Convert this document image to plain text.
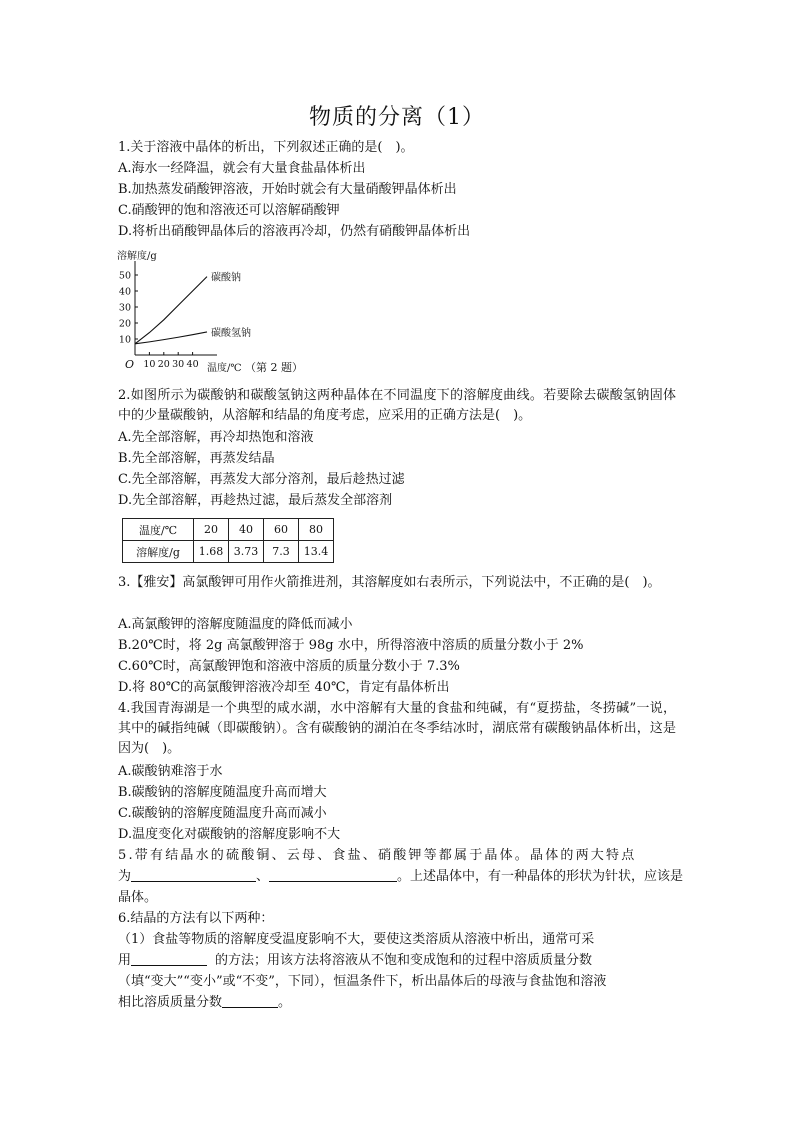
物质的分离（1）
1.关于溶液中晶体的析出，下列叙述正确的是(　)。
A.海水一经降温，就会有大量食盐晶体析出
B.加热蒸发硝酸钾溶液，开始时就会有大量硝酸钾晶体析出
C.硝酸钾的饱和溶液还可以溶解硝酸钾
D.将析出硝酸钾晶体后的溶液再冷却，仍然有硝酸钾晶体析出
溶解度/g
50
40
30
20
10
10 20 30 40
碳酸钠
碳酸氢钠
O	温度/℃ （第 2 题）
2.如图所示为碳酸钠和碳酸氢钠这两种晶体在不同温度下的溶解度曲线。若要除去碳酸氢钠固体中的少量碳酸钠，从溶解和结晶的角度考虑，应采用的正确方法是(　)。
A.先全部溶解，再冷却热饱和溶液
B.先全部溶解，再蒸发结晶
C.先全部溶解，再蒸发大部分溶剂，最后趁热过滤
D.先全部溶解，再趁热过滤，最后蒸发全部溶剂
温度/℃	20	40	60	80
溶解度/g	1.68	3.73	7.3	13.4
3.【雅安】高氯酸钾可用作火箭推进剂，其溶解度如右表所示，下列说法中，不正确的是(　)。
A.高氯酸钾的溶解度随温度的降低而减小
B.20℃时，将 2g 高氯酸钾溶于 98g 水中，所得溶液中溶质的质量分数小于 2%
C.60℃时，高氯酸钾饱和溶液中溶质的质量分数小于 7.3%
D.将 80℃的高氯酸钾溶液冷却至 40℃，肯定有晶体析出
4.我国青海湖是一个典型的咸水湖，水中溶解有大量的食盐和纯碱，有“夏捞盐，冬捞碱”一说，其中的碱指纯碱（即碳酸钠）。含有碳酸钠的湖泊在冬季结冰时，湖底常有碳酸钠晶体析出，这是因为(　)。
A.碳酸钠难溶于水
B.碳酸钠的溶解度随温度升高而增大
C.碳酸钠的溶解度随温度升高而减小
D.温度变化对碳酸钠的溶解度影响不大
5.带有结晶水的硫酸铜、云母、食盐、硝酸钾等都属于晶体。晶体的两大特点
为	、	。上述晶体中，有一种晶体的形状为针状，应该是
晶体。
6.结晶的方法有以下两种：
（1）食盐等物质的溶解度受温度影响不大，要使这类溶质从溶液中析出，通常可采
用	的方法；用该方法将溶液从不饱和变成饱和的过程中溶质质量分数
（填“变大”“变小”或“不变”，下同），恒温条件下，析出晶体后的母液与食盐饱和溶液
相比溶质质量分数	。
